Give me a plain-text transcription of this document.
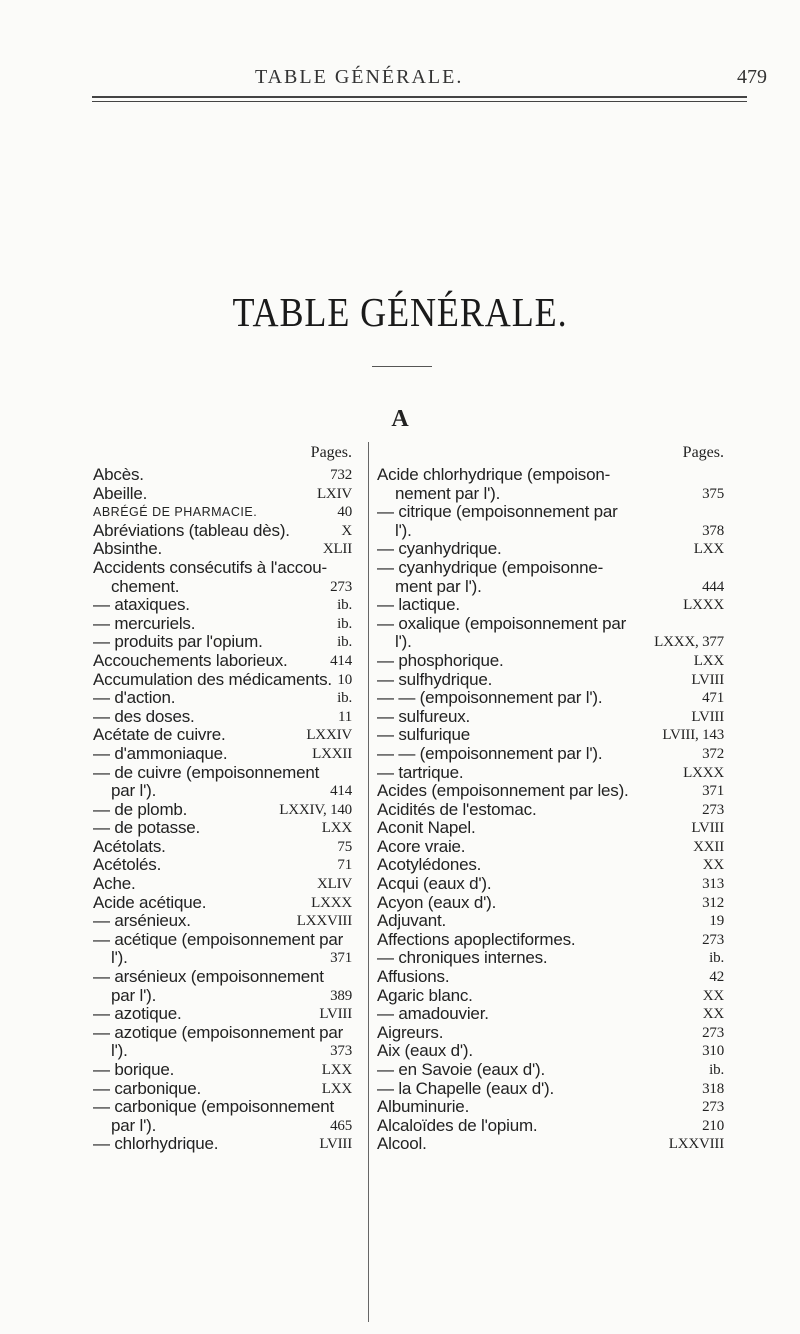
TABLE GÉNÉRALE.	479
TABLE GÉNÉRALE.
A
Pages.
Abcès.	732
Abeille.	LXIV
ABRÉGÉ DE PHARMACIE.	40
Abréviations (tableau dès).	X
Absinthe.	XLII
Accidents consécutifs à l'accou-
chement.	273
— ataxiques.	ib.
— mercuriels.	ib.
— produits par l'opium.	ib.
Accouchements laborieux.	414
Accumulation des médicaments. 10
— d'action.	ib.
— des doses.	11
Acétate de cuivre.	LXXIV
— d'ammoniaque.	LXXII
— de cuivre (empoisonnement
par l').	414
— de plomb.	LXXIV, 140
— de potasse.	LXX
Acétolats.	75
Acétolés.	71
Ache.	XLIV
Acide acétique.	LXXX
— arsénieux.	LXXVIII
— acétique (empoisonnement par
l').	371
— arsénieux (empoisonnement
par l').	389
— azotique.	LVIII
— azotique (empoisonnement par
l').	373
— borique.	LXX
— carbonique.	LXX
— carbonique (empoisonnement
par l').	465
— chlorhydrique.	LVIII
Pages.
Acide chlorhydrique (empoison-
nement par l').	375
— citrique (empoisonnement par
l').	378
— cyanhydrique.	LXX
— cyanhydrique (empoisonne-
ment par l').	444
— lactique.	LXXX
— oxalique (empoisonnement par
l').	LXXX, 377
— phosphorique.	LXX
— sulfhydrique.	LVIII
— — (empoisonnement par l').	471
— sulfureux.	LVIII
— sulfurique	LVIII, 143
— — (empoisonnement par l').	372
— tartrique.	LXXX
Acides (empoisonnement par les).	371
Acidités de l'estomac.	273
Aconit Napel.	LVIII
Acore vraie.	XXII
Acotylédones.	XX
Acqui (eaux d').	313
Acyon (eaux d').	312
Adjuvant.	19
Affections apoplectiformes.	273
— chroniques internes.	ib.
Affusions.	42
Agaric blanc.	XX
— amadouvier.	XX
Aigreurs.	273
Aix (eaux d').	310
— en Savoie (eaux d').	ib.
— la Chapelle (eaux d').	318
Albuminurie.	273
Alcaloïdes de l'opium.	210
Alcool.	LXXVIII
